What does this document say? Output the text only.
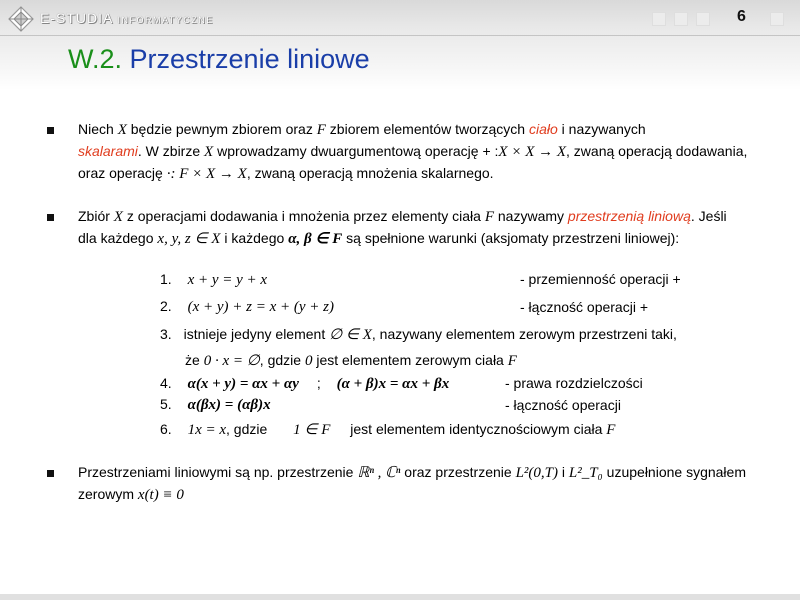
E-STUDIA INFORMATYCZNE	6
W.2. Przestrzenie liniowe
Niech X będzie pewnym zbiorem oraz F zbiorem elementów tworzących ciało i nazywanych
skalarami. W zbirze X wprowadzamy dwuargumentową operację + :X × X → X, zwaną operacją dodawania, oraz operację ·: F × X → X, zwaną operacją mnożenia skalarnego.
Zbiór X z operacjami dodawania i mnożenia przez elementy ciała F nazywamy przestrzenią liniową. Jeśli dla każdego x, y, z ∈ X i każdego α, β ∈ F są spełnione warunki (aksjomaty przestrzeni liniowej):
1. x + y = y + x	- przemienność operacji +
2. (x + y) + z = x + (y + z)	- łączność operacji +
3. istnieje jedyny element ∅ ∈ X, nazywany elementem zerowym przestrzeni taki,
że 0 · x = ∅, gdzie 0 jest elementem zerowym ciała F
4. α(x + y) = αx + αy ; (α + β)x = αx + βx	- prawa rozdzielczości
5. α(βx) = (αβ)x	- łączność operacji
6. 1x = x, gdzie 1 ∈ F jest elementem identycznościowym ciała F
Przestrzeniami liniowymi są np. przestrzenie ℝⁿ , ℂⁿ oraz przestrzenie L²(0,T) i L²_T₀ uzupełnione sygnałem zerowym x(t) ≡ 0
